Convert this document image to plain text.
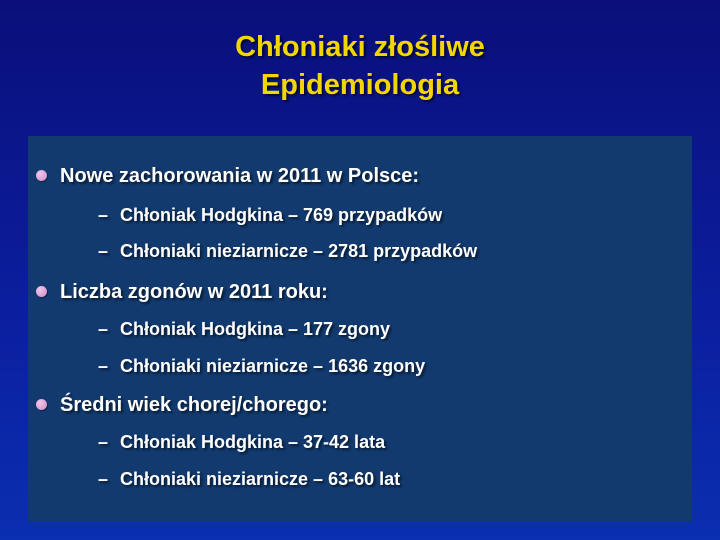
Chłoniaki złośliwe
Epidemiologia
Nowe zachorowania w 2011 w Polsce:
– Chłoniak Hodgkina – 769 przypadków
– Chłoniaki nieziarnicze – 2781 przypadków
Liczba zgonów w 2011 roku:
– Chłoniak Hodgkina – 177 zgony
– Chłoniaki nieziarnicze – 1636 zgony
Średni wiek chorej/chorego:
– Chłoniak Hodgkina – 37-42 lata
– Chłoniaki nieziarnicze – 63-60 lat
